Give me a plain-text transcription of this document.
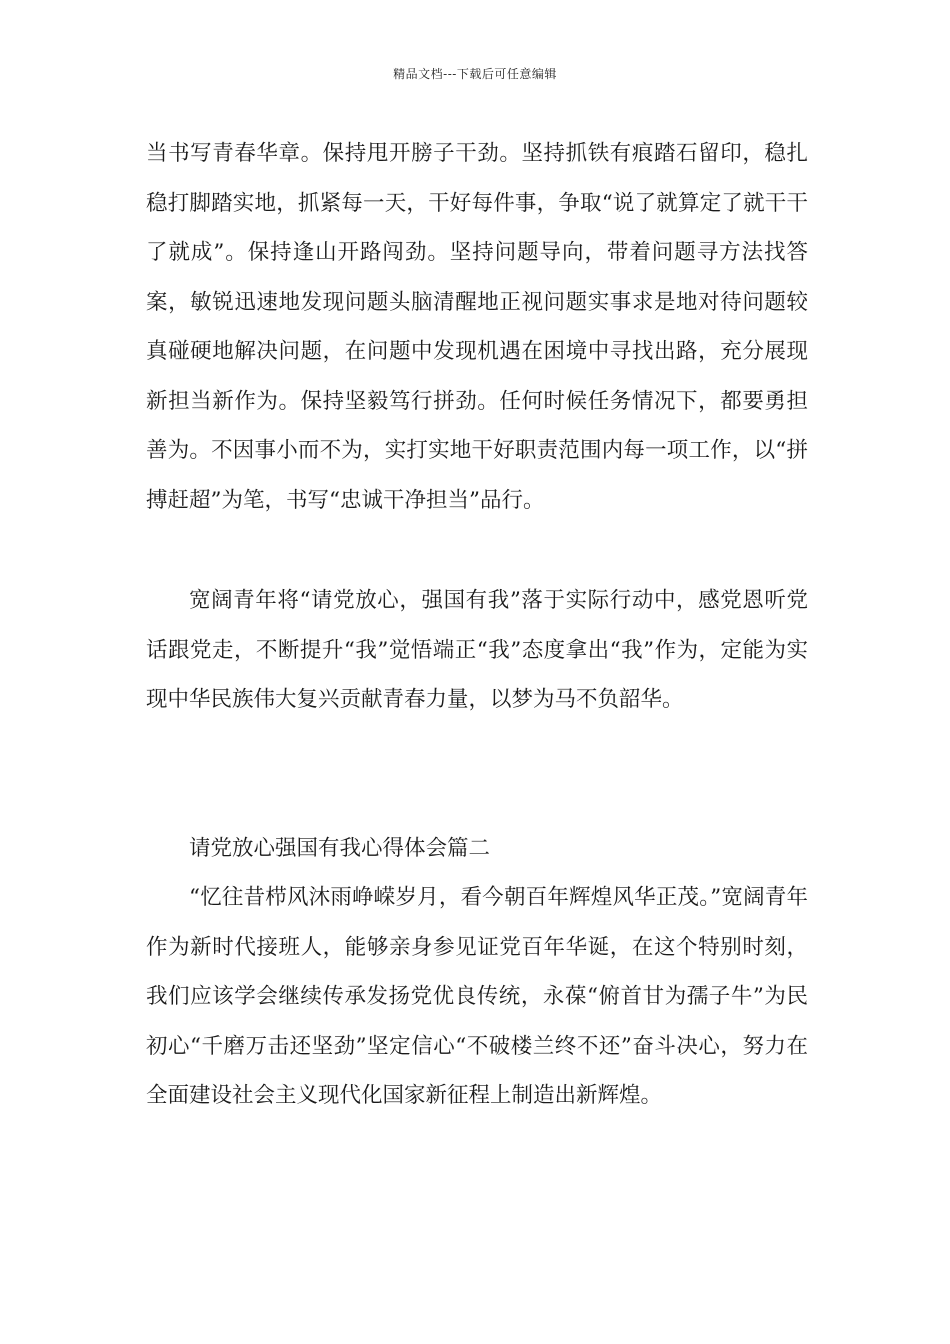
精品文档---下载后可任意编辑

当书写青春华章。保持甩开膀子干劲。坚持抓铁有痕踏石留印，稳扎稳打脚踏实地，抓紧每一天，干好每件事，争取“说了就算定了就干干了就成”。保持逢山开路闯劲。坚持问题导向，带着问题寻方法找答案，敏锐迅速地发现问题头脑清醒地正视问题实事求是地对待问题较真碰硬地解决问题，在问题中发现机遇在困境中寻找出路，充分展现新担当新作为。保持坚毅笃行拼劲。任何时候任务情况下，都要勇担善为。不因事小而不为，实打实地干好职责范围内每一项工作，以“拼搏赶超”为笔，书写“忠诚干净担当”品行。

宽阔青年将“请党放心，强国有我”落于实际行动中，感党恩听党话跟党走，不断提升“我”觉悟端正“我”态度拿出“我”作为，定能为实现中华民族伟大复兴贡献青春力量，以梦为马不负韶华。

请党放心强国有我心得体会篇二

“忆往昔栉风沐雨峥嵘岁月，看今朝百年辉煌风华正茂。”宽阔青年作为新时代接班人，能够亲身参见证党百年华诞，在这个特别时刻，我们应该学会继续传承发扬党优良传统，永葆“俯首甘为孺子牛”为民初心“千磨万击还坚劲”坚定信心“不破楼兰终不还”奋斗决心，努力在全面建设社会主义现代化国家新征程上制造出新辉煌。
